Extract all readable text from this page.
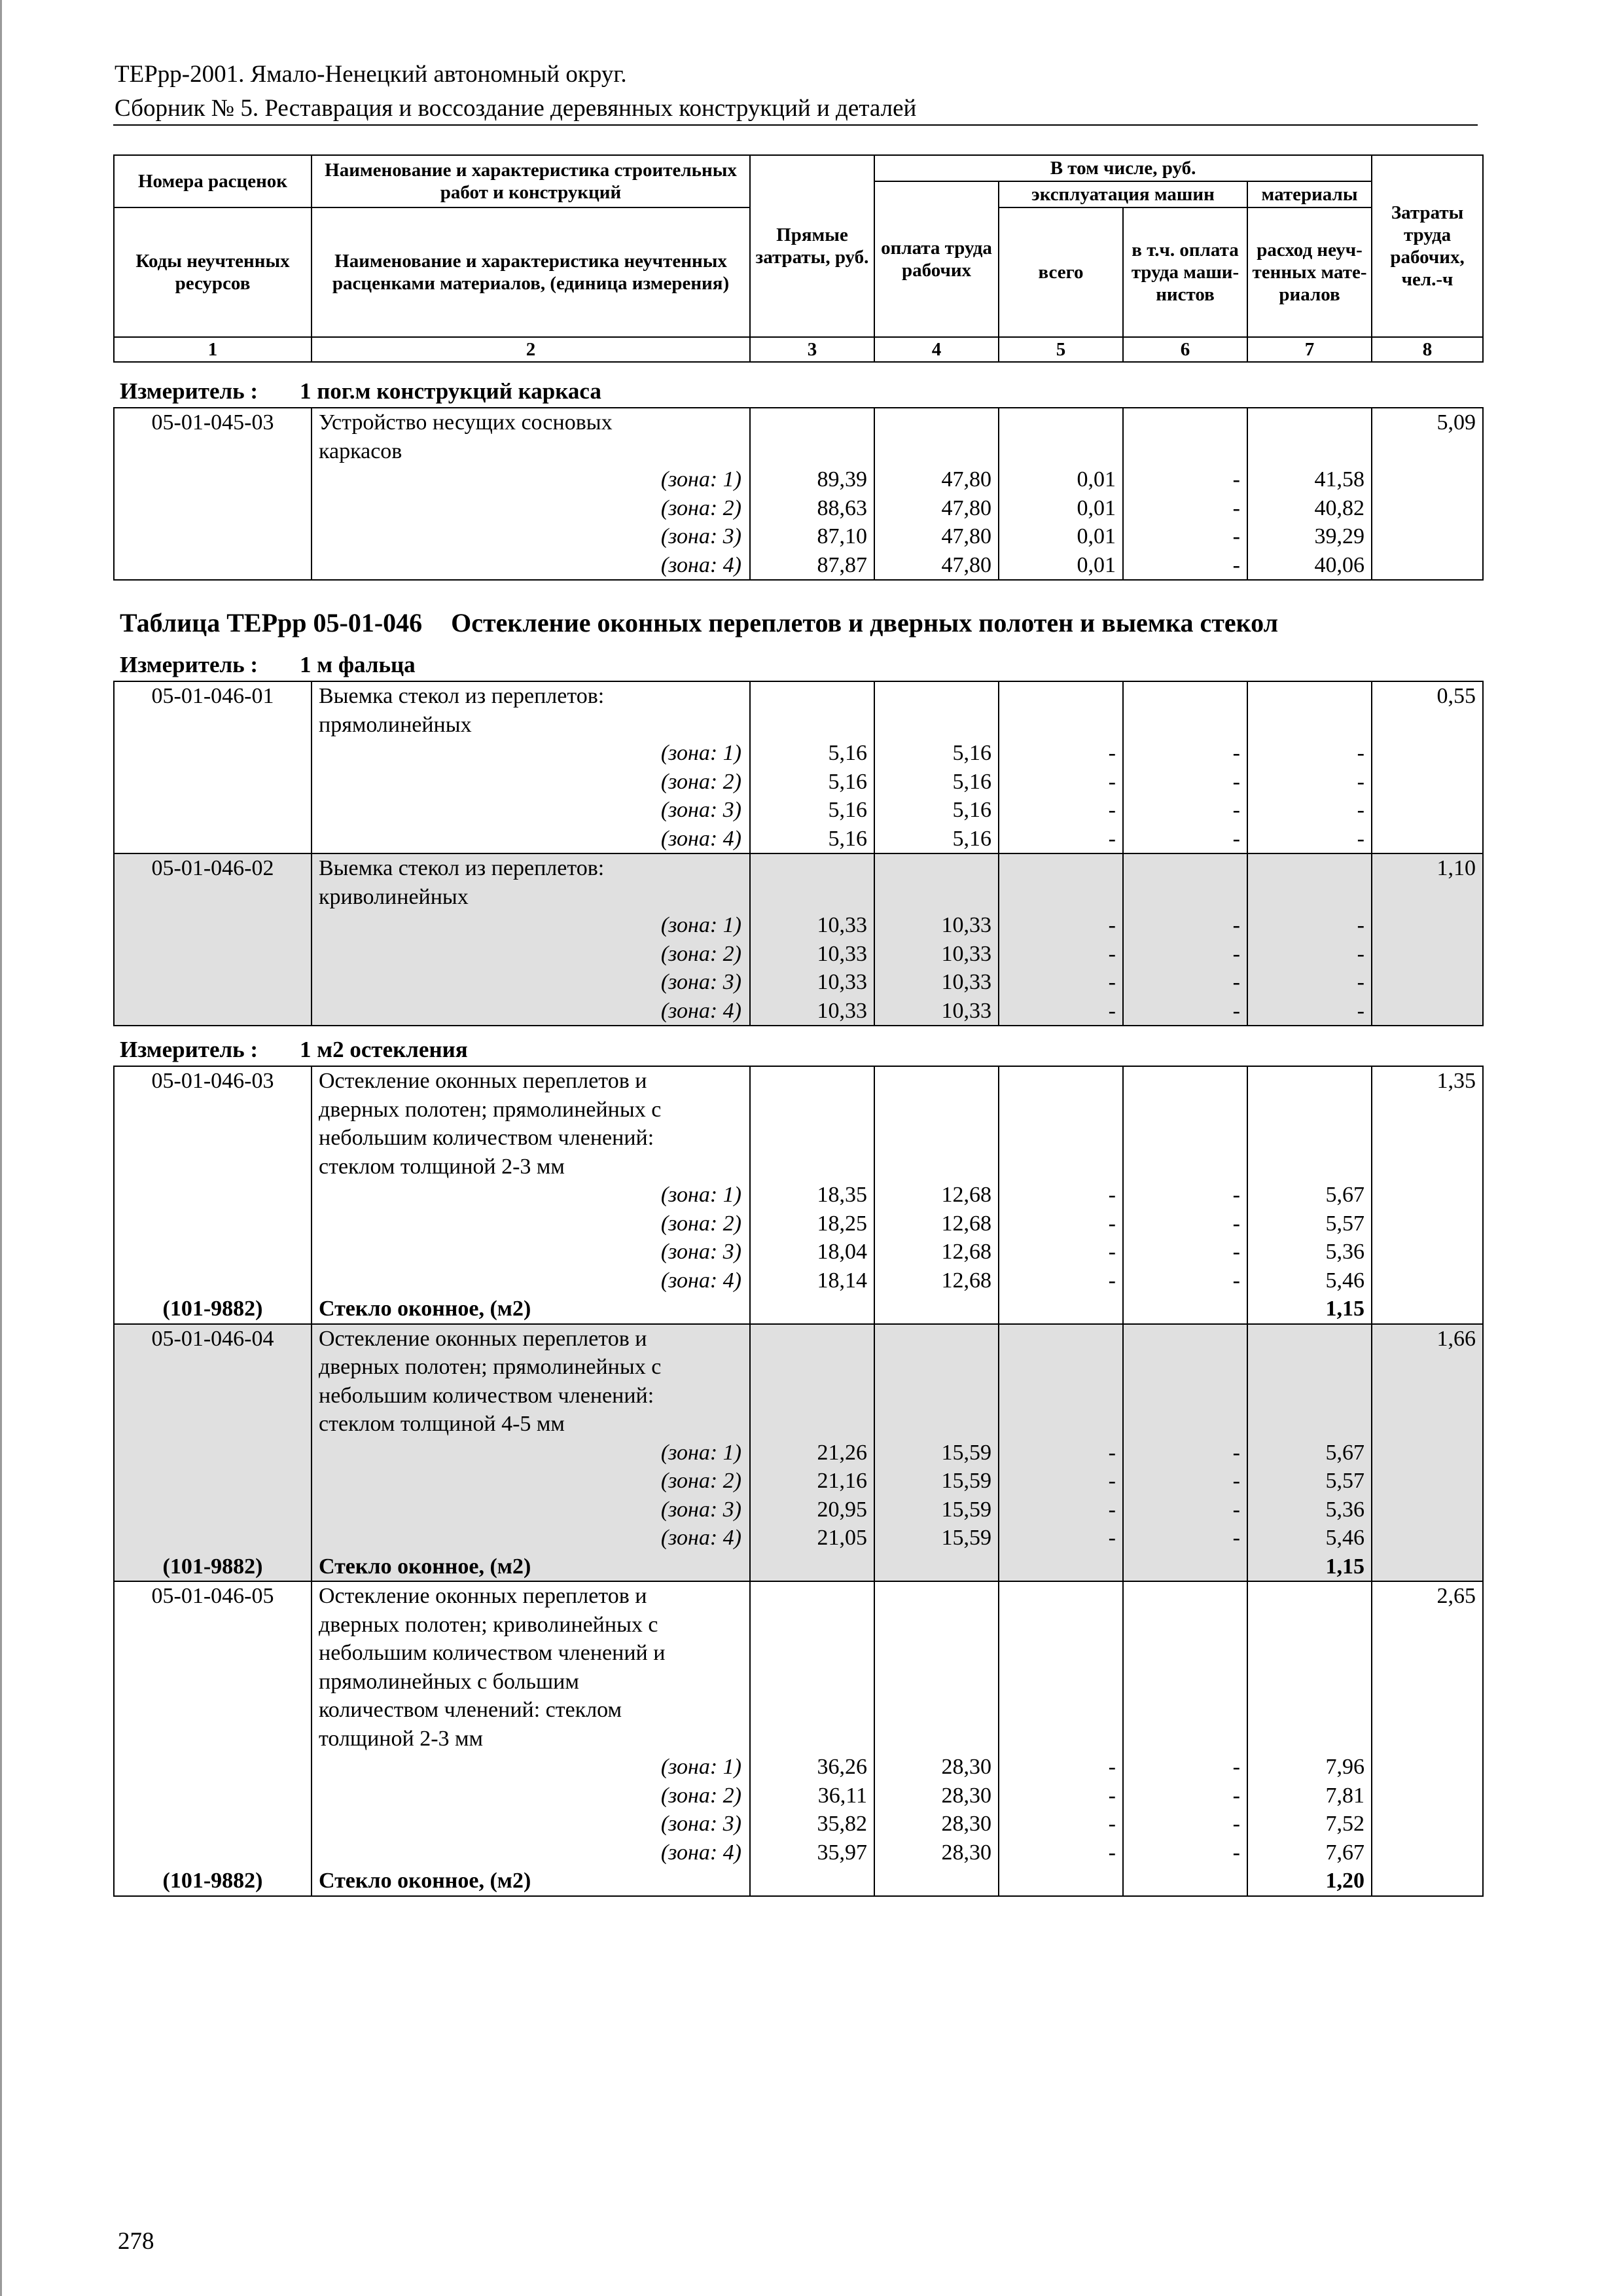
ТЕРрр-2001. Ямало-Ненецкий автономный округ.
Сборник № 5. Реставрация и воссоздание деревянных конструкций и деталей
Номера расценок	Наименование и характеристика строительных работ и конструкций	Прямые затраты, руб.	В том числе, руб.				Затраты труда рабочих, чел.-ч
			оплата труда рабочих	эксплуатация машин		материалы	
Коды неучтенных ресурсов	Наименование и характеристика неучтенных расценками материалов, (единица измерения)			всего	в т.ч. оплата труда маши-нистов	расход неуч-тенных мате-риалов	
1	2	3	4	5	6	7	8
Измеритель : 1 пог.м конструкций каркаса
05-01-045-03	Устройство несущих сосновых						5,09
	каркасов						
	(зона: 1)	89,39	47,80	0,01	-	41,58	
	(зона: 2)	88,63	47,80	0,01	-	40,82	
	(зона: 3)	87,10	47,80	0,01	-	39,29	
	(зона: 4)	87,87	47,80	0,01	-	40,06	
Таблица ТЕРрр 05-01-046 Остекление оконных переплетов и дверных полотен и выемка стекол
Измеритель : 1 м фальца
05-01-046-01	Выемка стекол из переплетов:						0,55
	прямолинейных						
	(зона: 1)	5,16	5,16	-	-	-	
	(зона: 2)	5,16	5,16	-	-	-	
	(зона: 3)	5,16	5,16	-	-	-	
	(зона: 4)	5,16	5,16	-	-	-	
05-01-046-02	Выемка стекол из переплетов:						1,10
	криволинейных						
	(зона: 1)	10,33	10,33	-	-	-	
	(зона: 2)	10,33	10,33	-	-	-	
	(зона: 3)	10,33	10,33	-	-	-	
	(зона: 4)	10,33	10,33	-	-	-	
Измеритель : 1 м2 остекления
05-01-046-03	Остекление оконных переплетов и						1,35
	дверных полотен; прямолинейных с						
	небольшим количеством членений:						
	стеклом толщиной 2-3 мм						
	(зона: 1)	18,35	12,68	-	-	5,67	
	(зона: 2)	18,25	12,68	-	-	5,57	
	(зона: 3)	18,04	12,68	-	-	5,36	
	(зона: 4)	18,14	12,68	-	-	5,46	
(101-9882)	Стекло оконное, (м2)					1,15	
05-01-046-04	Остекление оконных переплетов и						1,66
	дверных полотен; прямолинейных с						
	небольшим количеством членений:						
	стеклом толщиной 4-5 мм						
	(зона: 1)	21,26	15,59	-	-	5,67	
	(зона: 2)	21,16	15,59	-	-	5,57	
	(зона: 3)	20,95	15,59	-	-	5,36	
	(зона: 4)	21,05	15,59	-	-	5,46	
(101-9882)	Стекло оконное, (м2)					1,15	
05-01-046-05	Остекление оконных переплетов и						2,65
	дверных полотен; криволинейных с						
	небольшим количеством членений и						
	прямолинейных с большим						
	количеством членений: стеклом						
	толщиной 2-3 мм						
	(зона: 1)	36,26	28,30	-	-	7,96	
	(зона: 2)	36,11	28,30	-	-	7,81	
	(зона: 3)	35,82	28,30	-	-	7,52	
	(зона: 4)	35,97	28,30	-	-	7,67	
(101-9882)	Стекло оконное, (м2)					1,20	
278
